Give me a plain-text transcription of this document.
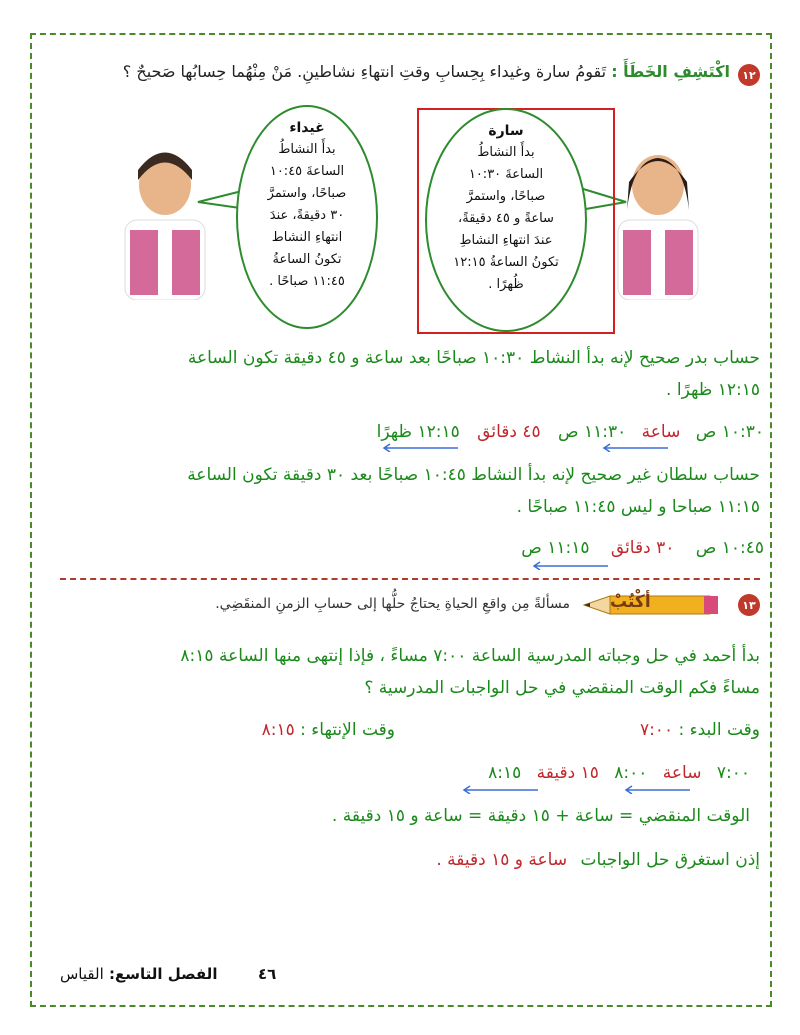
١٢
اكْتَشِفِ الخَطَأَ : تَقومُ سارة وغيداء بِحِسابِ وقتِ انتهاءِ نشاطينِ. مَنْ مِنْهُما حِسابُها صَحيحٌ ؟
غيداء
بدأَ النشاطُ
الساعةَ ١٠:٤٥
صباحًا، واستمرَّ
٣٠ دقيقةً، عندَ
انتهاءِ النشاط
تكونُ الساعةُ
١١:٤٥ صباحًا .
سارة
بدأَ النشاطُ
الساعةَ ١٠:٣٠
صباحًا، واستمرَّ
ساعةً و ٤٥ دقيقةً،
عندَ انتهاءِ النشاطِ
تكونُ الساعةُ ١٢:١٥
ظُهرًا .
حساب بدر صحيح لإنه بدأ النشاط ١٠:٣٠ صباحًا بعد ساعة و ٤٥ دقيقة تكون الساعة
١٢:١٥ ظهرًا .
١٠:٣٠ ص ساعة ١١:٣٠ ص ٤٥ دقائق ١٢:١٥ ظهرًا
حساب سلطان غير صحيح لإنه بدأ النشاط ١٠:٤٥ صباحًا بعد ٣٠ دقيقة تكون الساعة
١١:١٥ صباحا و ليس ١١:٤٥ صباحًا .
١٠:٤٥ ص ٣٠ دقائق ١١:١٥ ص
١٣
أكْتُبْ
مسألةً مِن واقعِ الحياةِ يحتاجُ حلُّها إلى حسابِ الزمنِ المنقَضِي.
بدأ أحمد في حل وجباته المدرسية الساعة ٧:٠٠ مساءً ، فإذا إنتهى منها الساعة ٨:١٥
مساءً فكم الوقت المنقضي في حل الواجبات المدرسية ؟
وقت البدء : ٧:٠٠
وقت الإنتهاء : ٨:١٥
٧:٠٠ ساعة ٨:٠٠ ١٥ دقيقة ٨:١٥
الوقت المنقضي = ساعة + ١٥ دقيقة = ساعة و ١٥ دقيقة .
إذن استغرق حل الواجبات ساعة و ١٥ دقيقة .
الفصل التاسع: القياس	٤٦
